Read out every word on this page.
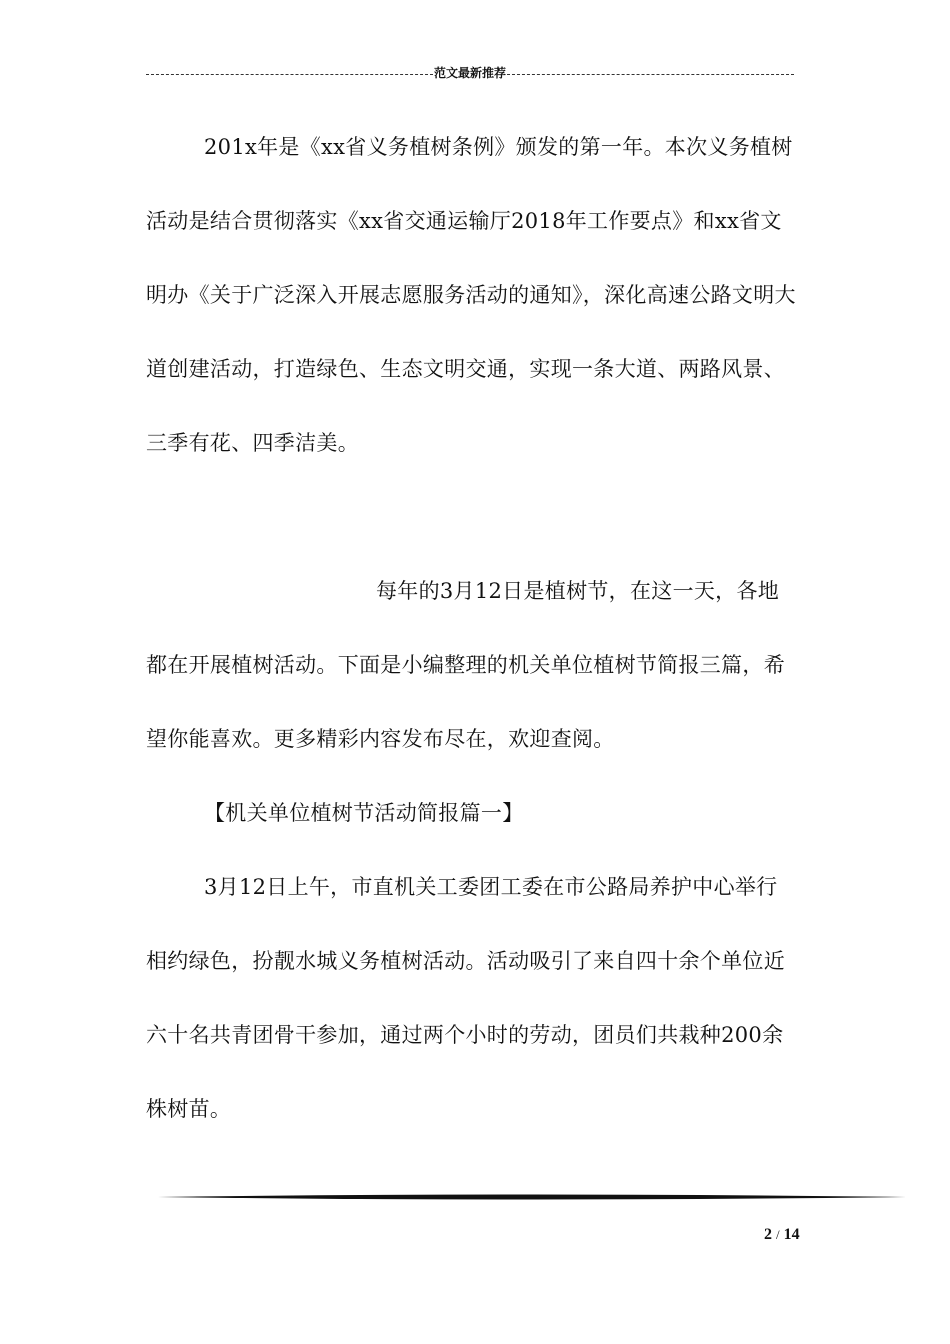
范文最新推荐

201x年是《xx省义务植树条例》颁发的第一年。本次义务植树活动是结合贯彻落实《xx省交通运输厅2018年工作要点》和xx省文明办《关于广泛深入开展志愿服务活动的通知》，深化高速公路文明大道创建活动，打造绿色、生态文明交通，实现一条大道、两路风景、三季有花、四季洁美。

每年的3月12日是植树节，在这一天，各地都在开展植树活动。下面是小编整理的机关单位植树节简报三篇，希望你能喜欢。更多精彩内容发布尽在，欢迎查阅。

【机关单位植树节活动简报篇一】

3月12日上午，市直机关工委团工委在市公路局养护中心举行相约绿色，扮靓水城义务植树活动。活动吸引了来自四十余个单位近六十名共青团骨干参加，通过两个小时的劳动，团员们共栽种200余株树苗。

2 / 14
